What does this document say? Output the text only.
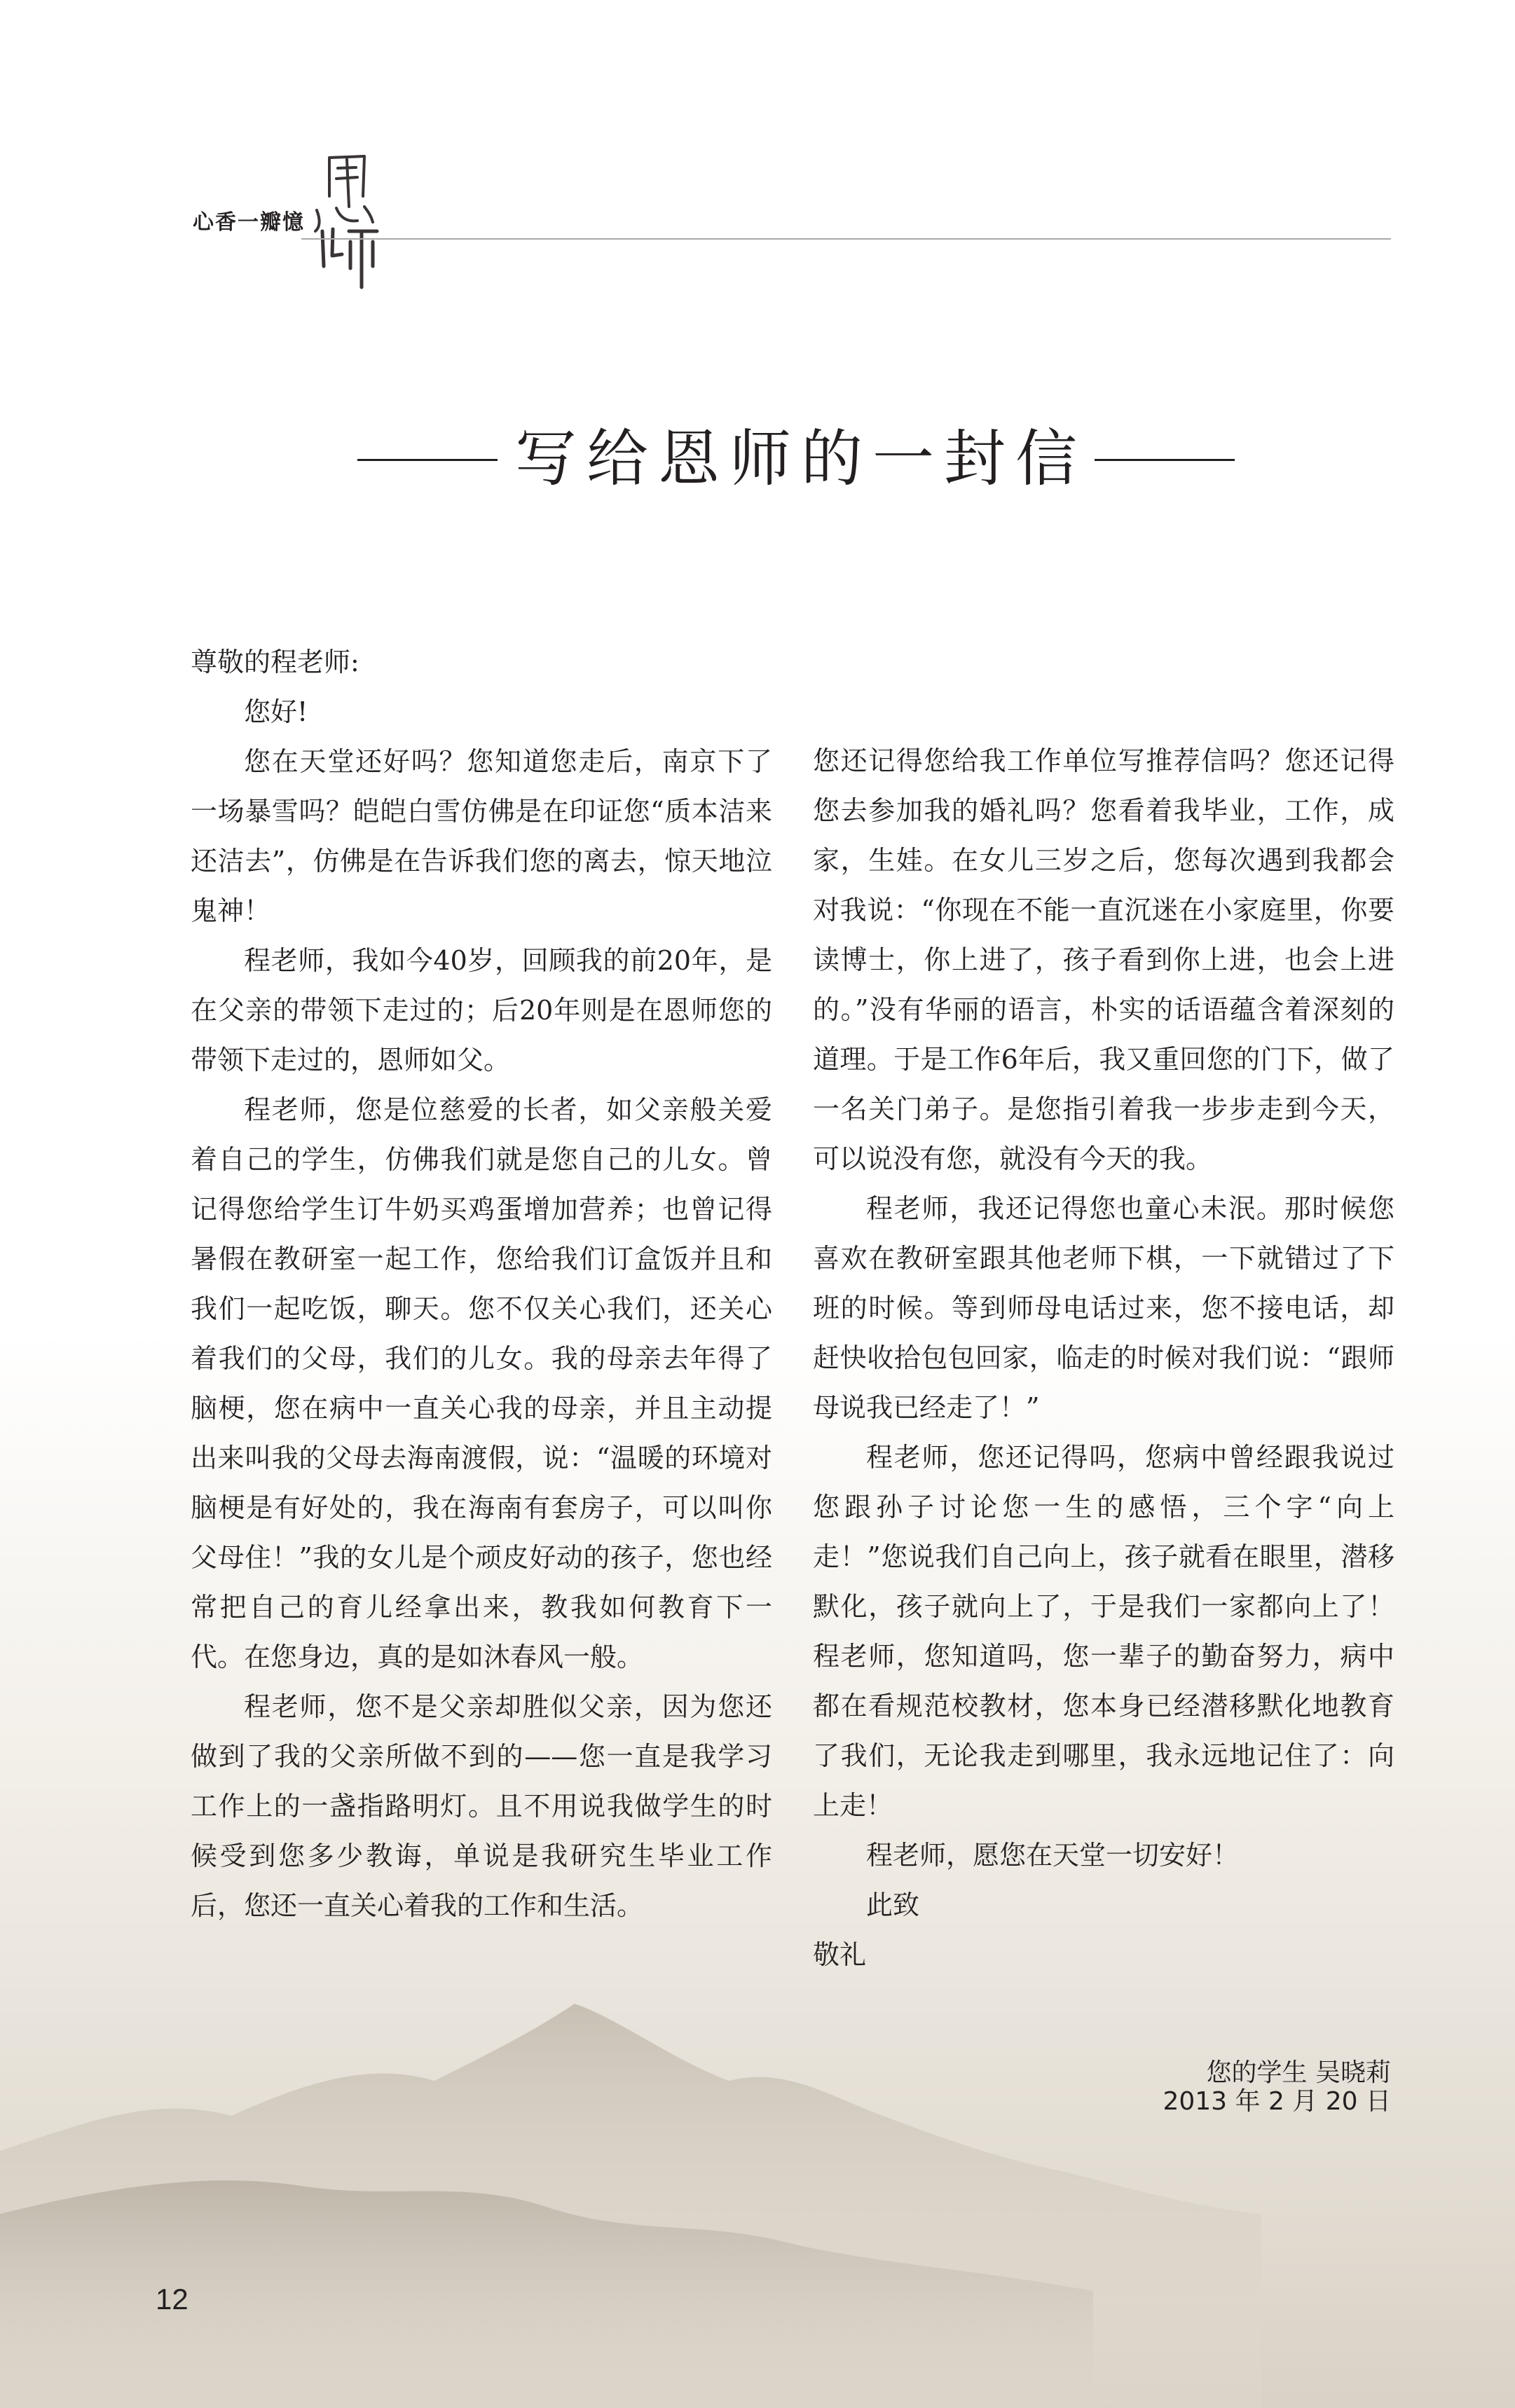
心香一瓣憶
写给恩师的一封信

尊敬的程老师:

您好!

您在天堂还好吗？您知道您走后，南京下了一场暴雪吗？皑皑白雪仿佛是在印证您“质本洁来还洁去”，仿佛是在告诉我们您的离去，惊天地泣鬼神！

程老师，我如今40岁，回顾我的前20年，是在父亲的带领下走过的；后20年则是在恩师您的带领下走过的，恩师如父。

程老师，您是位慈爱的长者，如父亲般关爱着自己的学生，仿佛我们就是您自己的儿女。曾记得您给学生订牛奶买鸡蛋增加营养；也曾记得暑假在教研室一起工作，您给我们订盒饭并且和我们一起吃饭，聊天。您不仅关心我们，还关心着我们的父母，我们的儿女。我的母亲去年得了脑梗，您在病中一直关心我的母亲，并且主动提出来叫我的父母去海南渡假，说：“温暖的环境对脑梗是有好处的，我在海南有套房子，可以叫你父母住！”我的女儿是个顽皮好动的孩子，您也经常把自己的育儿经拿出来，教我如何教育下一代。在您身边，真的是如沐春风一般。

程老师，您不是父亲却胜似父亲，因为您还做到了我的父亲所做不到的——您一直是我学习工作上的一盏指路明灯。且不用说我做学生的时候受到您多少教诲，单说是我研究生毕业工作后，您还一直关心着我的工作和生活。

您还记得您给我工作单位写推荐信吗？您还记得您去参加我的婚礼吗？您看着我毕业，工作，成家，生娃。在女儿三岁之后，您每次遇到我都会对我说：“你现在不能一直沉迷在小家庭里，你要读博士，你上进了，孩子看到你上进，也会上进的。”没有华丽的语言，朴实的话语蕴含着深刻的道理。于是工作6年后，我又重回您的门下，做了一名关门弟子。是您指引着我一步步走到今天，可以说没有您，就没有今天的我。

程老师，我还记得您也童心未泯。那时候您喜欢在教研室跟其他老师下棋，一下就错过了下班的时候。等到师母电话过来，您不接电话，却赶快收拾包包回家，临走的时候对我们说：“跟师母说我已经走了！”

程老师，您还记得吗，您病中曾经跟我说过您跟孙子讨论您一生的感悟，三个字“向上走！”您说我们自己向上，孩子就看在眼里，潜移默化，孩子就向上了，于是我们一家都向上了！程老师，您知道吗，您一辈子的勤奋努力，病中都在看规范校教材，您本身已经潜移默化地教育了我们，无论我走到哪里，我永远地记住了：向上走！

程老师，愿您在天堂一切安好！

此致

敬礼

您的学生 吴晓莉
2013 年 2 月 20 日
12
